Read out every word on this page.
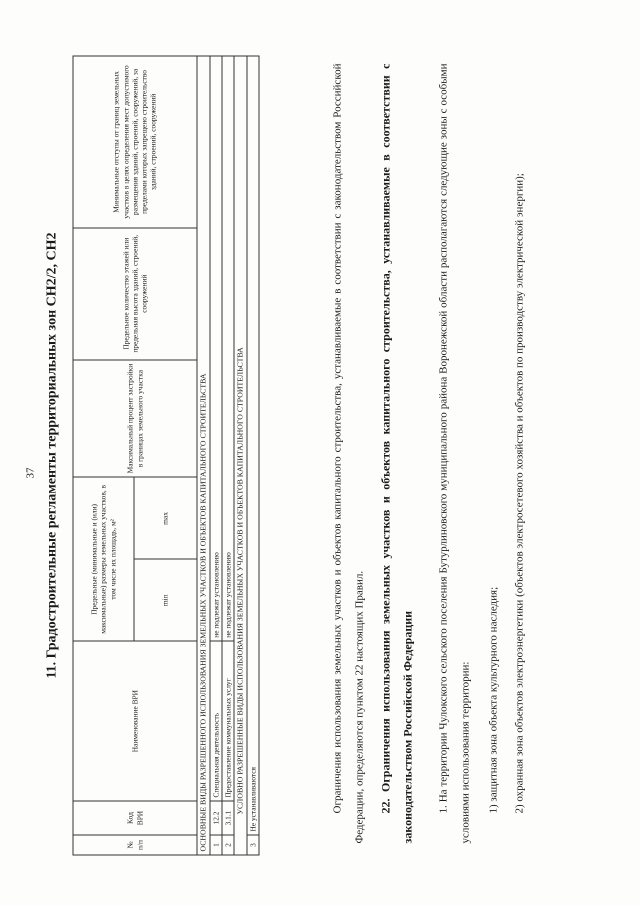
37 11. Градостроительные регламенты территориальных зон СН2/2, СН2
№ п/п	Код ВРИ	Наименование ВРИ	Предельные (минимальные и (или) максимальные) размеры земельных участков, в том числе их площадь, м²		Максимальный процент застройки в границах земельного участка	Предельное количество этажей или предельная высота зданий, строений, сооружений	Минимальные отступы от границ земельных участков в целях определения мест допустимого размещения зданий, строений, сооружений, за пределами которых запрещено строительство зданий, строений, сооружений
			min	max			
ОСНОВНЫЕ ВИДЫ РАЗРЕШЕННОГО ИСПОЛЬЗОВАНИЯ ЗЕМЕЛЬНЫХ УЧАСТКОВ И ОБЪЕКТОВ КАПИТАЛЬНОГО СТРОИТЕЛЬСТВА							
1	12.2	Специальная деятельность	не подлежат установлению				
2	3.1.1	Предоставление коммунальных услуг	не подлежат установлению				
УСЛОВНО РАЗРЕШЕННЫЕ ВИДЫ ИСПОЛЬЗОВАНИЯ ЗЕМЕЛЬНЫХ УЧАСТКОВ И ОБЪЕКТОВ КАПИТАЛЬНОГО СТРОИТЕЛЬСТВА							
3	Не устанавливаются							Ограничения использования земельных участков и объектов капитального строительства, устанавливаемые в соответствии с законодательством Российской Федерации, определяются пунктом 22 настоящих Правил.	22. Ограничения использования земельных участков и объектов капитального строительства, устанавливаемые в соответствии с законодательством Российской Федерации	1. На территории Чулокского сельского поселения Бутурлиновского муниципального района Воронежской области располагаются следующие зоны с особыми условиями использования территории:	1) защитная зона объекта культурного наследия;	2) охранная зона объектов электроэнергетики (объектов электросетевого хозяйства и объектов по производству электрической энергии);
